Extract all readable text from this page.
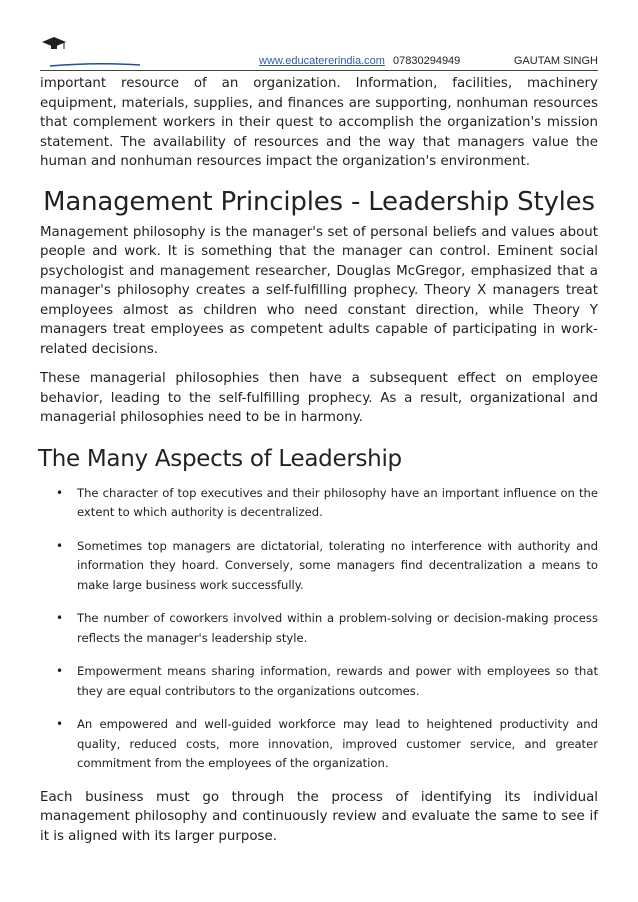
www.educatererindia.com 07830294949	GAUTAM SINGH

important resource of an organization. Information, facilities, machinery equipment, materials, supplies, and finances are supporting, nonhuman resources that complement workers in their quest to accomplish the organization's mission statement. The availability of resources and the way that managers value the human and nonhuman resources impact the organization's environment.

Management Principles - Leadership Styles

Management philosophy is the manager's set of personal beliefs and values about people and work. It is something that the manager can control. Eminent social psychologist and management researcher, Douglas McGregor, emphasized that a manager's philosophy creates a self-fulfilling prophecy. Theory X managers treat employees almost as children who need constant direction, while Theory Y managers treat employees as competent adults capable of participating in work-related decisions.

These managerial philosophies then have a subsequent effect on employee behavior, leading to the self-fulfilling prophecy. As a result, organizational and managerial philosophies need to be in harmony.

The Many Aspects of Leadership
• The character of top executives and their philosophy have an important influence on the extent to which authority is decentralized.
• Sometimes top managers are dictatorial, tolerating no interference with authority and information they hoard. Conversely, some managers find decentralization a means to make large business work successfully.
• The number of coworkers involved within a problem-solving or decision-making process reflects the manager's leadership style.
• Empowerment means sharing information, rewards and power with employees so that they are equal contributors to the organizations outcomes.
• An empowered and well-guided workforce may lead to heightened productivity and quality, reduced costs, more innovation, improved customer service, and greater commitment from the employees of the organization.

Each business must go through the process of identifying its individual management philosophy and continuously review and evaluate the same to see if it is aligned with its larger purpose.
